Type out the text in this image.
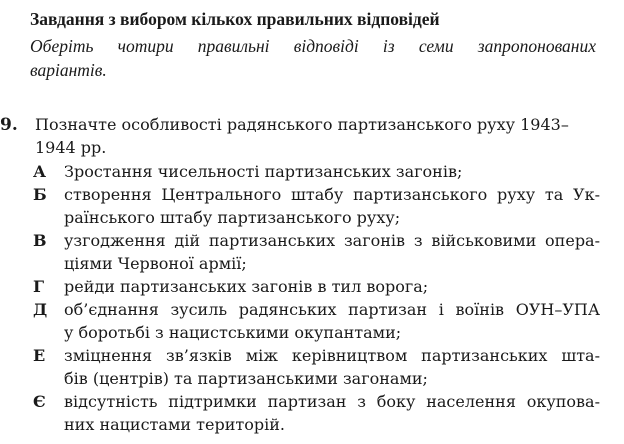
Завдання з вибором кількох правильних відповідей
Оберіть чотири правильні відповіді із семи запропонованих
варіантів.
9. Позначте особливості радянського партизанського руху 1943–
1944 рр.
А Зростання чисельності партизанських загонів;
Б створення Центрального штабу партизанського руху та Ук-
раїнського штабу партизанського руху;
В узгодження дій партизанських загонів з військовими опера-
ціями Червоної армії;
Г рейди партизанських загонів в тил ворога;
Д об’єднання зусиль радянських партизан і воїнів ОУН–УПА
у боротьбі з нацистськими окупантами;
Е зміцнення зв’язків між керівництвом партизанських шта-
бів (центрів) та партизанськими загонами;
Є відсутність підтримки партизан з боку населення окупова-
них нацистами територій.
